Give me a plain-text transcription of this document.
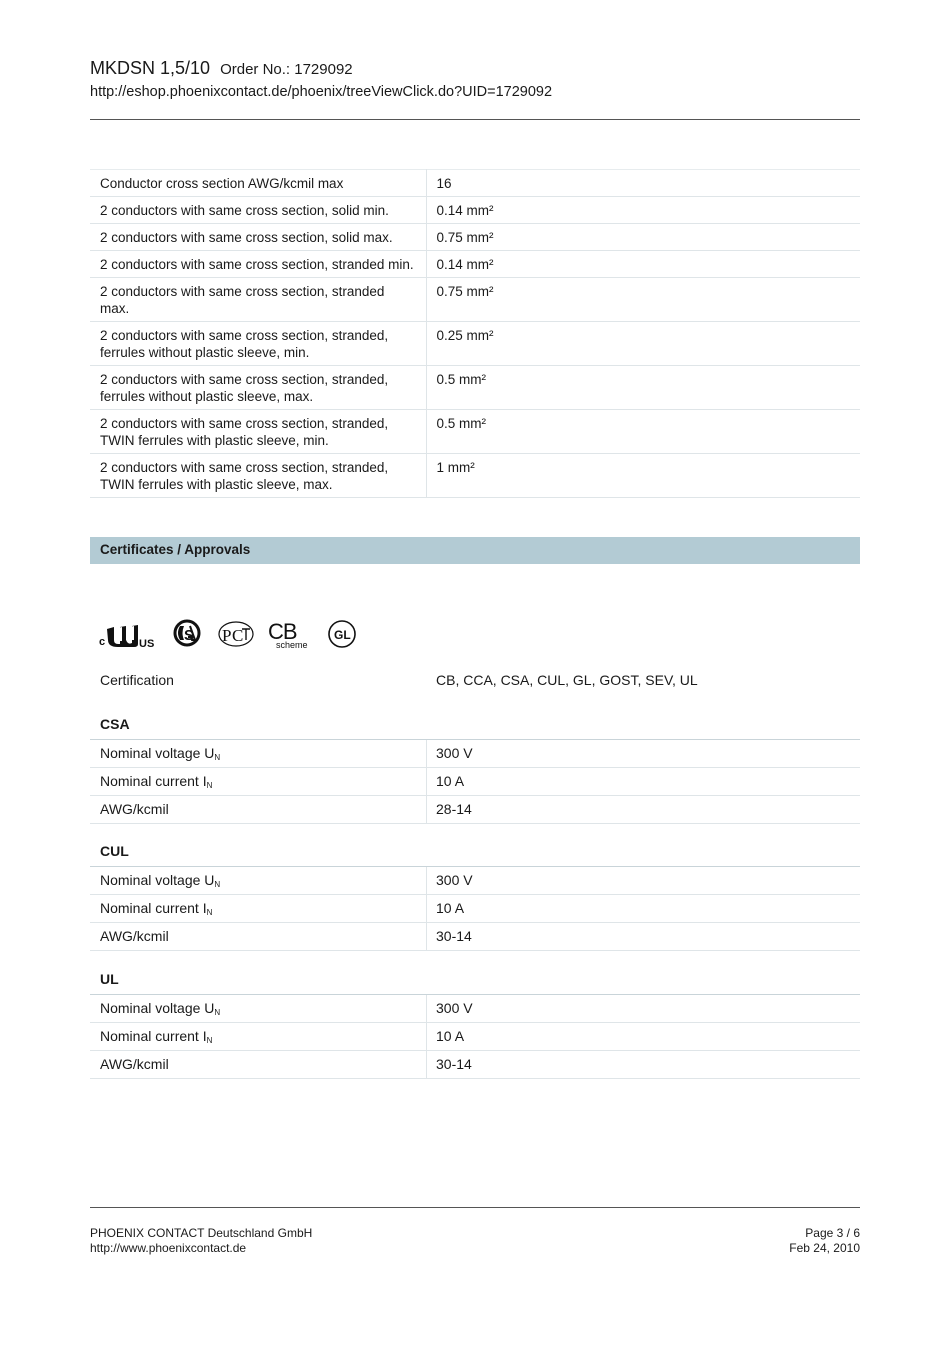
MKDSN 1,5/10 Order No.: 1729092
http://eshop.phoenixcontact.de/phoenix/treeViewClick.do?UID=1729092
Conductor cross section AWG/kcmil max	16
2 conductors with same cross section, solid min.	0.14 mm²
2 conductors with same cross section, solid max.	0.75 mm²
2 conductors with same cross section, stranded min.	0.14 mm²
2 conductors with same cross section, stranded max.	0.75 mm²
2 conductors with same cross section, stranded, ferrules without plastic sleeve, min.	0.25 mm²
2 conductors with same cross section, stranded, ferrules without plastic sleeve, max.	0.5 mm²
2 conductors with same cross section, stranded, TWIN ferrules with plastic sleeve, min.	0.5 mm²
2 conductors with same cross section, stranded, TWIN ferrules with plastic sleeve, max.	1 mm²
Certificates / Approvals
c	US S P C CB
scheme
GL
Certification	CB, CCA, CSA, CUL, GL, GOST, SEV, UL
CSA
Nominal voltage $U_N$	300 V
Nominal current $I_N$	10 A
AWG/kcmil	28-14
CUL
Nominal voltage $U_N$	300 V
Nominal current $I_N$	10 A
AWG/kcmil	30-14
UL
Nominal voltage $U_N$	300 V
Nominal current $I_N$	10 A
AWG/kcmil	30-14
PHOENIX CONTACT Deutschland GmbH
http://www.phoenixcontact.de
Page 3 / 6
Feb 24, 2010
